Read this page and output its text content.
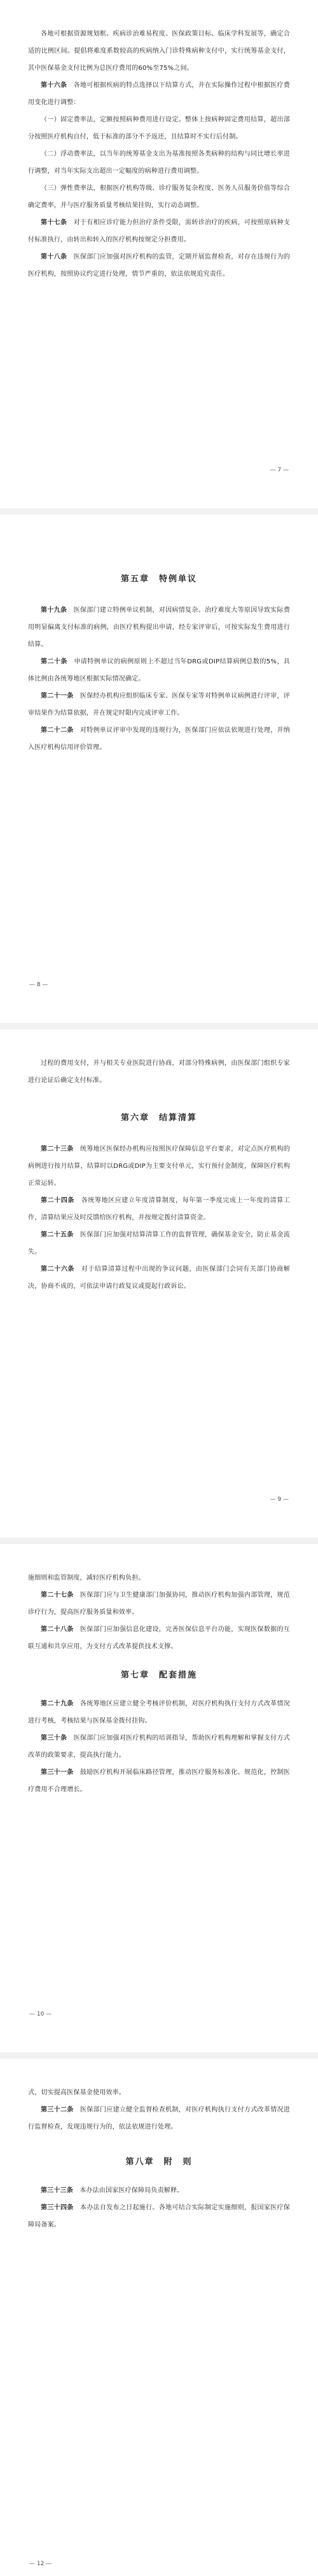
各地可根据资源规划框、疾病诊治难易程度、医保政策目标、临床学科发展等，确定合适的比例区间。提倡将难度系数较高的疾病纳入门诊特殊病种支付中，实行统筹基金支付，其中医保基金支付比例为总医疗费用的60%至75%之间。

第十六条　 各地可根据疾病的特点选择以下结算方式，并在实际操作过程中根据医疗费用变化进行调整：

（一）固定费率法，定额按照病种费用进行设定。整体上按病种固定费用结算，超出部分按照医疗机构自付，低于标准的部分不予返还，且结算时不实行后付制。

（二）浮动费率法，以当年的统筹基金支出为基准按照各类病种的结构与同比增长率进行调整，对当年实际支出超出一定幅度的病种进行费用调整。

（三）弹性费率法，根据医疗机构等级、诊疗服务复杂程度、医务人员服务价值等综合确定费率，并与医疗服务质量考核结果挂钩，实行动态调整。

第十七条　 对于有相应诊疗能力但治疗条件受限，需转诊治疗的疾病，可按照原病种支付标准执行，由转出和转入的医疗机构按规定分担费用。

第十八条　 医保部门应加强对医疗机构的监管，定期开展监督检查，对存在违规行为的医疗机构，按照协议约定进行处理，情节严重的，依法依规追究责任。

— 7 —

第五章　特例单议

第十九条　 医保部门建立特例单议机制，对因病情复杂、治疗难度大等原因导致实际费用明显偏离支付标准的病例，由医疗机构提出申请，经专家评审后，可按实际发生费用进行结算。

第二十条　 申请特例单议的病例原则上不超过当年DRG或DIP结算病例总数的5%，具体比例由各统筹地区根据实际情况确定。

第二十一条　 医保经办机构应组织临床专家、医保专家等对特例单议病例进行评审，评审结果作为结算依据，并在规定时限内完成评审工作。

第二十二条　 对特例单议评审中发现的违规行为，医保部门应依法依规进行处理，并纳入医疗机构信用评价管理。

— 8 —

过程的费用支付，并与相关专业医院进行协商，对部分特殊病例，由医保部门组织专家进行论证后确定支付标准。

第六章　结算清算

第二十三条　 统筹地区医保经办机构应按照医疗保障信息平台要求，对定点医疗机构的病例进行按月结算，结算时以DRG或DIP为主要支付单元，实行预付金制度，保障医疗机构正常运转。

第二十四条　 各统筹地区应建立年度清算制度，每年第一季度完成上一年度的清算工作，清算结果应及时反馈给医疗机构，并按规定拨付清算资金。

第二十五条　 医保部门应加强对结算清算工作的监督管理，确保基金安全，防止基金流失。

第二十六条　 对于结算清算过程中出现的争议问题，由医保部门会同有关部门协商解决，协商不成的，可依法申请行政复议或提起行政诉讼。

— 9 —

施细则和监管制度，减轻医疗机构负担。

第二十七条　 医保部门应与卫生健康部门加强协同，推动医疗机构加强内部管理，规范诊疗行为，提高医疗服务质量和效率。

第二十八条　 医保部门应加强信息化建设，完善医保信息平台功能，实现医保数据的互联互通和共享应用，为支付方式改革提供技术支撑。

第七章　配套措施

第二十九条　 各统筹地区应建立健全考核评价机制，对医疗机构执行支付方式改革情况进行考核，考核结果与医保基金拨付挂钩。

第三十条　 医保部门应加强对医疗机构的培训指导，帮助医疗机构理解和掌握支付方式改革的政策要求，提高执行能力。

第三十一条　 鼓励医疗机构开展临床路径管理，推动医疗服务标准化、规范化，控制医疗费用不合理增长。

— 10 —

式，切实提高医保基金使用效率。

第三十二条　 医保部门应建立健全监督检查机制，对医疗机构执行支付方式改革情况进行监督检查，发现违规行为的，依法依规进行处理。

第八章　附　则

第三十三条　 本办法由国家医疗保障局负责解释。

第三十四条　 本办法自发布之日起施行。各地可结合实际制定实施细则，报国家医疗保障局备案。

— 12 —
